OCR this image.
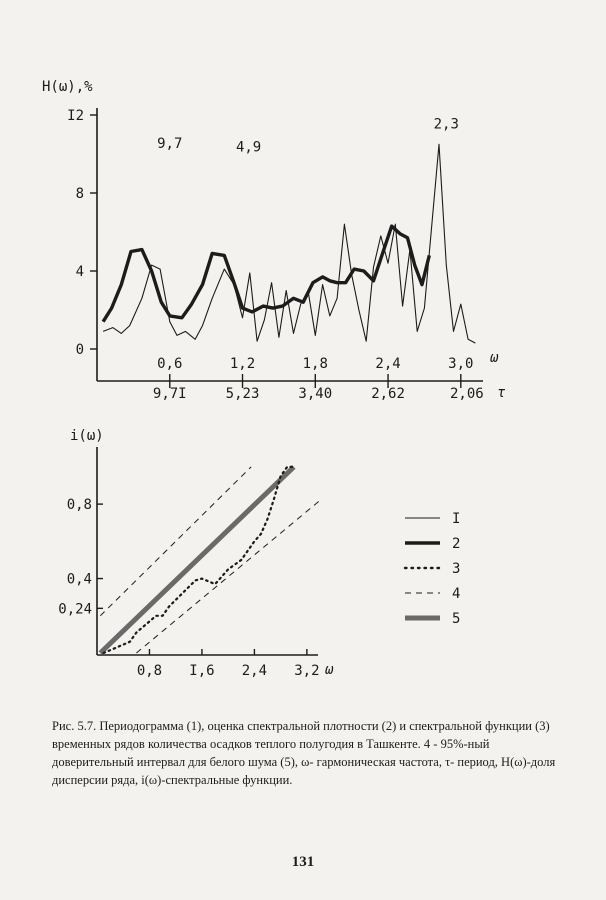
H(ω),%
ω
τ
0
4
8
I2
0,6	1,2	1,8	2,4	3,0
9,7I	5,23	3,40	2,62	2,06
9,7	4,9
2,3
i(ω)
ω
0,24
0,4
0,8
0,8 I,6 2,4 3,2
I
2
3
4
5
Рис. 5.7. Периодограмма (1), оценка спектральной плотности (2) и спектральной функции (3) временных рядов количества осадков теплого полугодия в Ташкенте. 4 - 95%-ный доверительный интервал для белого шума (5), ω- гармоническая частота, τ- период, H(ω)-доля дисперсии ряда, i(ω)-спектральные функции.
131
